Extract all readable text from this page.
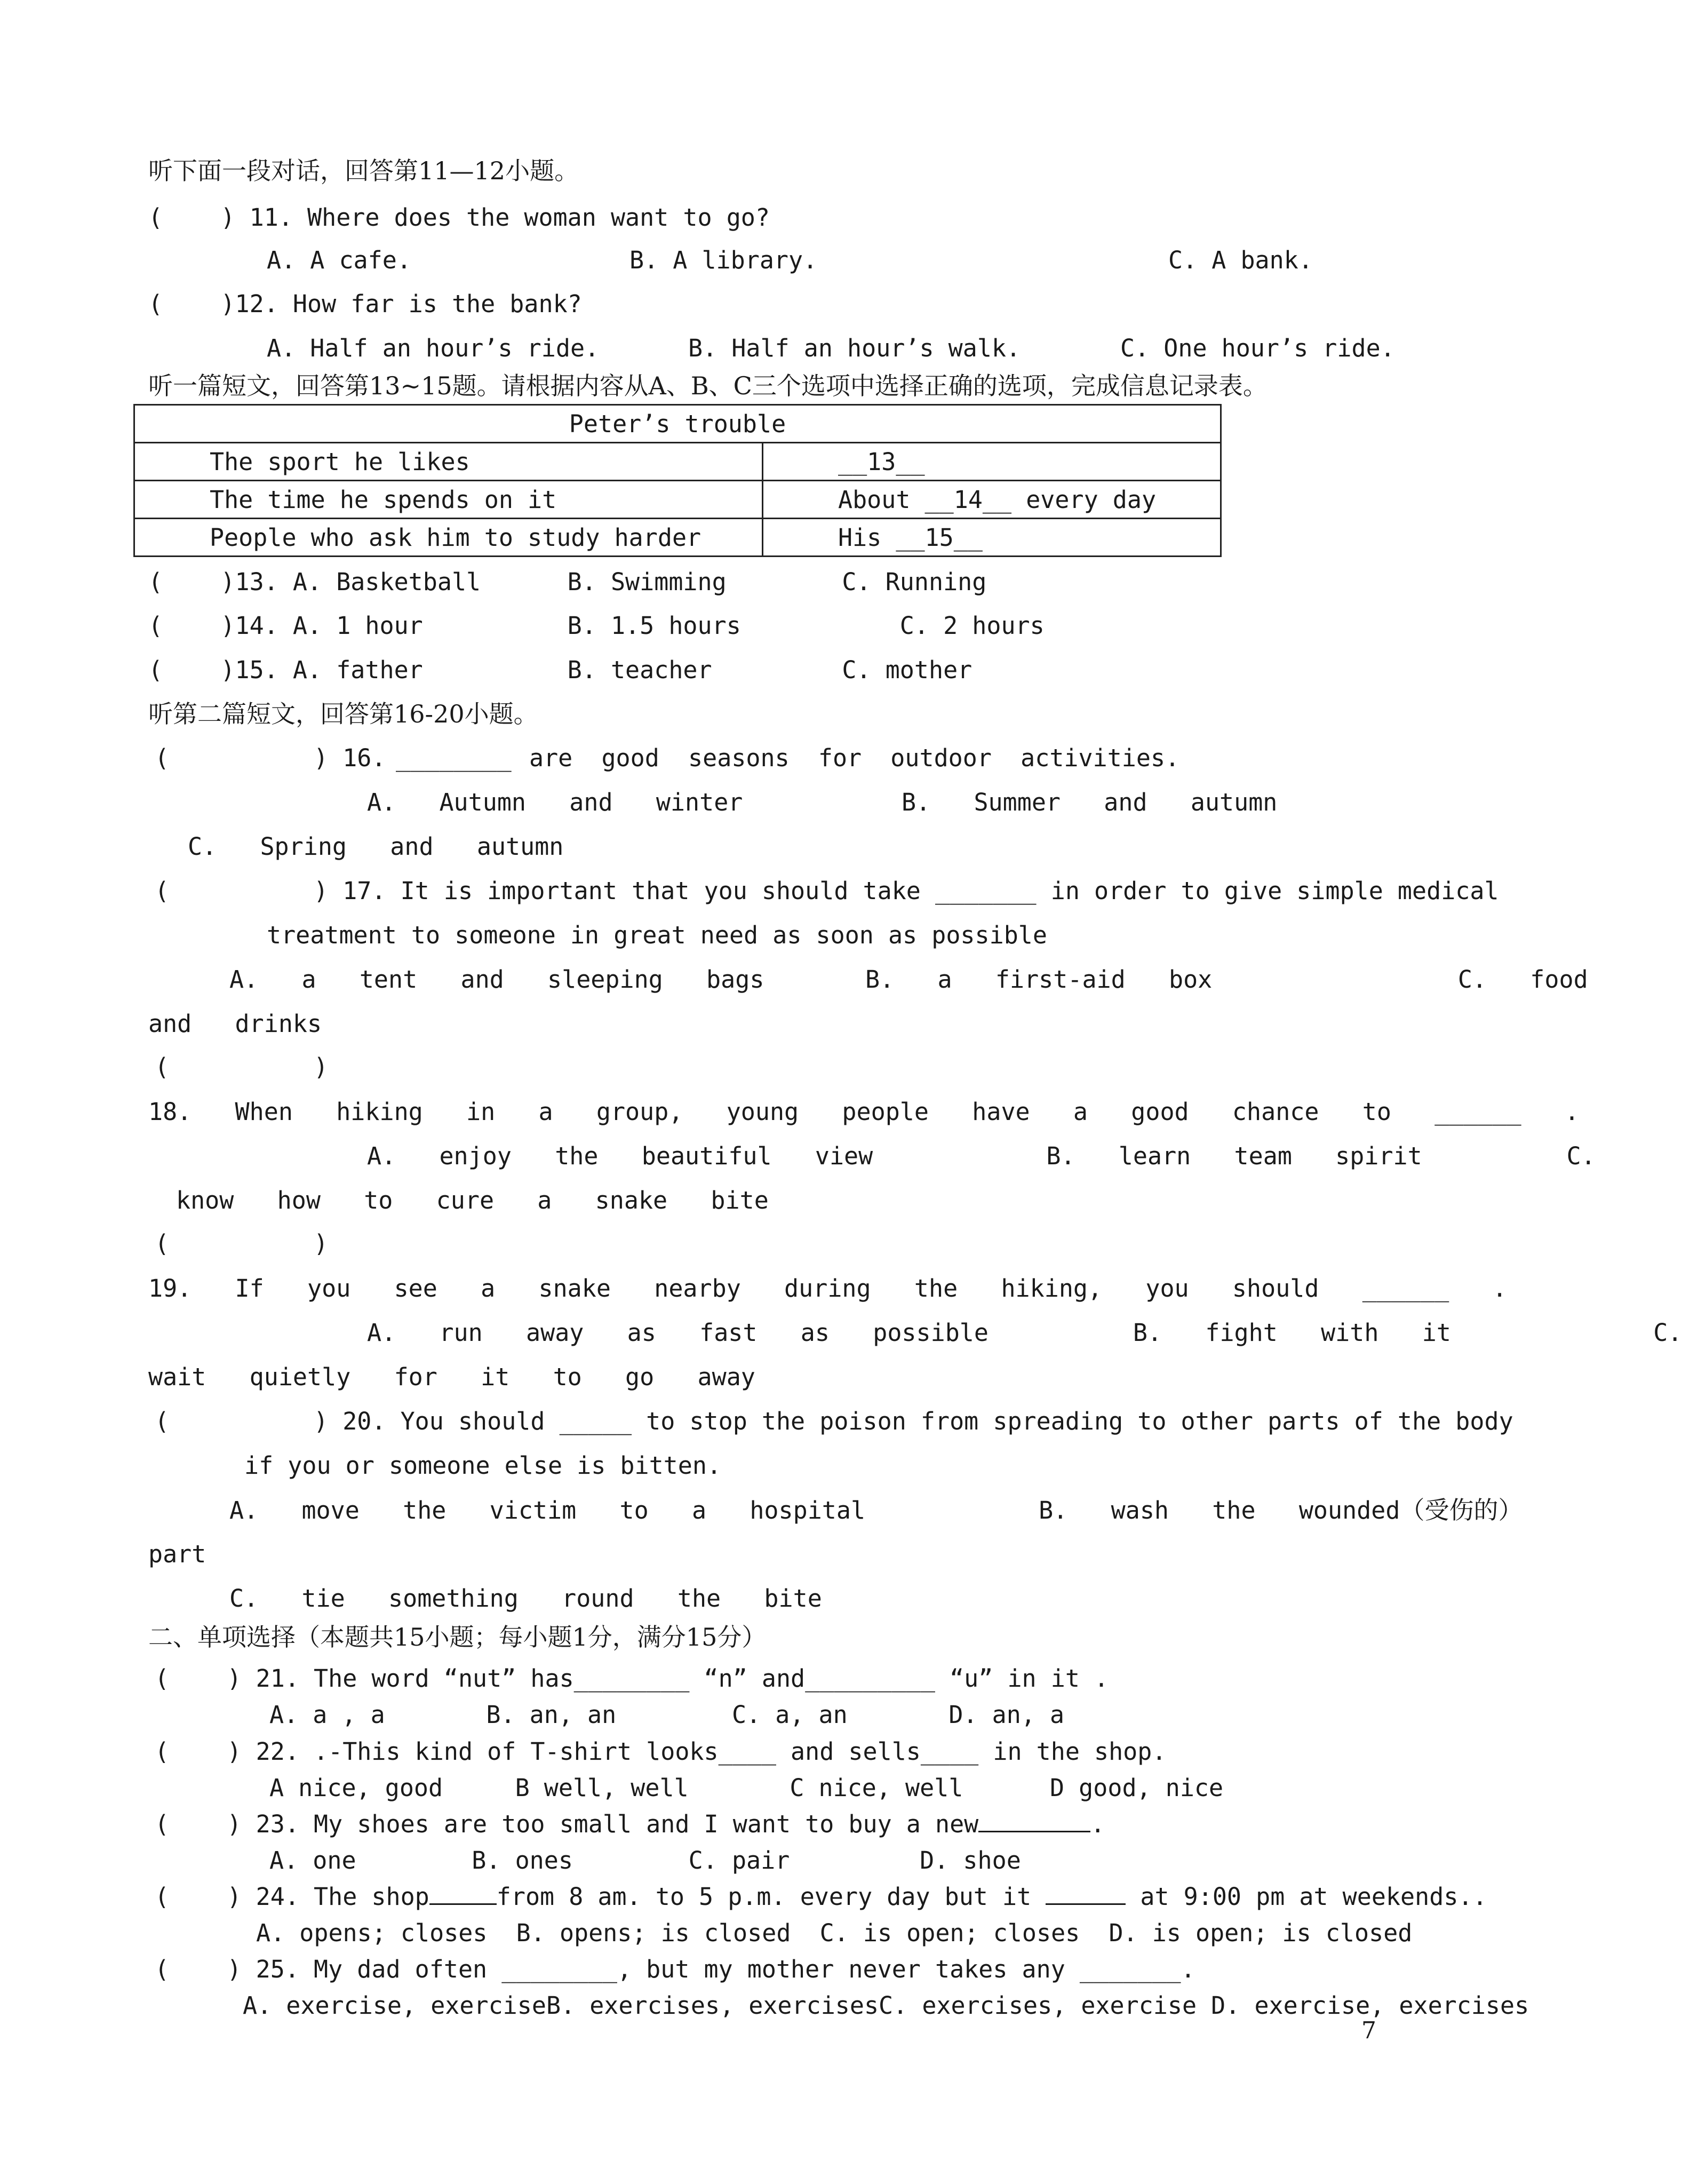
听下面一段对话，回答第11—12小题。
(    ) 11. Where does the woman want to go?
A. A cafe.	B. A library.	C. A bank.
(    )12. How far is the bank?
A. Half an hour’s ride.	B. Half an hour’s walk.	C. One hour’s ride.
听一篇短文，回答第13~15题。请根据内容从A、B、C三个选项中选择正确的选项，完成信息记录表。
Peter’s trouble	
The sport he likes	__13__
The time he spends on it	About __14__ every day
People who ask him to study harder	His __15__
(    )13. A. Basketball      B. Swimming        C. Running
(    )14. A. 1 hour          B. 1.5 hours           C. 2 hours
(    )15. A. father          B. teacher         C. mother
听第二篇短文，回答第16-20小题。
(          ) 16. ________ are  good  seasons  for  outdoor  activities.
A.   Autumn   and   winter	B.   Summer   and   autumn
C.   Spring   and   autumn
(          ) 17. It is important that you should take _______ in order to give simple medical
treatment to someone in great need as soon as possible
A.   a   tent   and   sleeping   bags       B.   a   first-aid   box                 C.   food
and   drinks
(          )
18.   When   hiking   in   a   group,   young   people   have   a   good   chance   to   ______   .
A.   enjoy   the   beautiful   view            B.   learn   team   spirit          C.
know   how   to   cure   a   snake   bite
(          )
19.   If   you   see   a   snake   nearby   during   the   hiking,   you   should   ______   .
A.   run   away   as   fast   as   possible          B.   fight   with   it              C.
wait   quietly   for   it   to   go   away
(          ) 20. You should _____ to stop the poison from spreading to other parts of the body
if you or someone else is bitten.
A.   move   the   victim   to   a   hospital            B.   wash   the   wounded（受伤的）
part
C.   tie   something   round   the   bite
二、单项选择（本题共15小题；每小题1分，满分15分）
(    ) 21. The word “nut” has________ “n” and_________ “u” in it .
A. a , a       B. an, an        C. a, an       D. an, a
(    ) 22. .-This kind of T-shirt looks____ and sells____ in the shop.
A nice, good     B well, well       C nice, well      D good, nice
(    ) 23. My shoes are too small and I want to buy a new	.
A. one        B. ones        C. pair         D. shoe
(    ) 24. The shop	from 8 am. to 5 p.m. every day but it	at 9:00 pm at weekends..
A. opens; closes  B. opens; is closed  C. is open; closes  D. is open; is closed
(    ) 25. My dad often ________, but my mother never takes any _______.
A. exercise, exerciseB. exercises, exercisesC. exercises, exercise D. exercise, exercises
7
